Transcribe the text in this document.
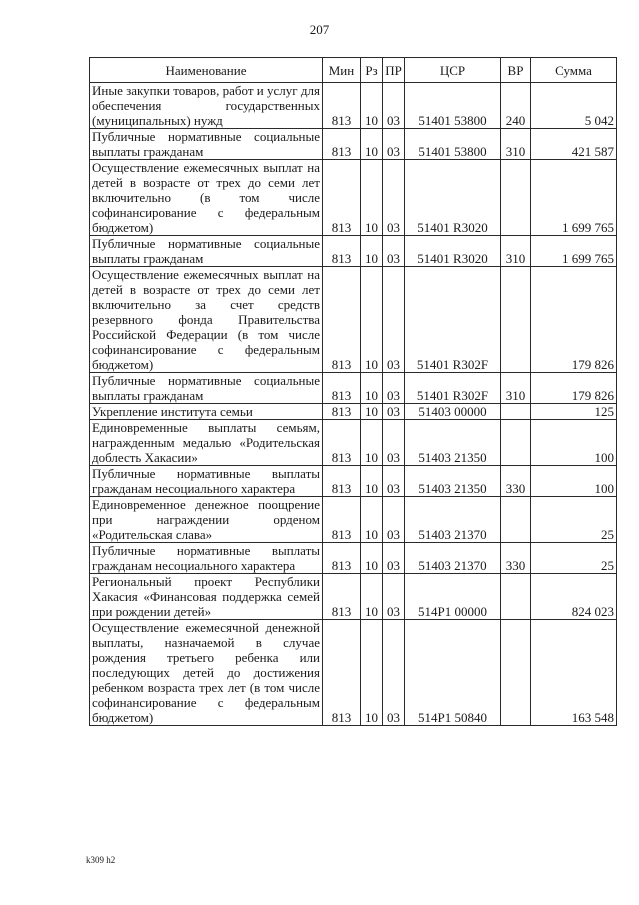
207
Наименование	Мин	Рз	ПР	ЦСР	ВР	Сумма
Иные закупки товаров, работ и услуг для обеспечения государственных (муниципальных) нужд	813	10	03	51401 53800	240	5 042
Публичные нормативные социальные выплаты гражданам	813	10	03	51401 53800	310	421 587
Осуществление ежемесячных выплат на детей в возрасте от трех до семи лет включительно (в том числе софинансирование с федеральным бюджетом)	813	10	03	51401 R3020		1 699 765
Публичные нормативные социальные выплаты гражданам	813	10	03	51401 R3020	310	1 699 765
Осуществление ежемесячных выплат на детей в возрасте от трех до семи лет включительно за счет средств резервного фонда Правительства Российской Федерации (в том числе софинансирование с федеральным бюджетом)	813	10	03	51401 R302F		179 826
Публичные нормативные социальные выплаты гражданам	813	10	03	51401 R302F	310	179 826
Укрепление института семьи	813	10	03	51403 00000		125
Единовременные выплаты семьям, награжденным медалью «Родительская доблесть Хакасии»	813	10	03	51403 21350		100
Публичные нормативные выплаты гражданам несоциального характера	813	10	03	51403 21350	330	100
Единовременное денежное поощрение при награждении орденом «Родительская слава»	813	10	03	51403 21370		25
Публичные нормативные выплаты гражданам несоциального характера	813	10	03	51403 21370	330	25
Региональный проект Республики Хакасия «Финансовая поддержка семей при рождении детей»	813	10	03	514P1 00000		824 023
Осуществление ежемесячной денежной выплаты, назначаемой в случае рождения третьего ребенка или последующих детей до достижения ребенком возраста трех лет (в том числе софинансирование с федеральным бюджетом)	813	10	03	514P1 50840		163 548
k309 h2
